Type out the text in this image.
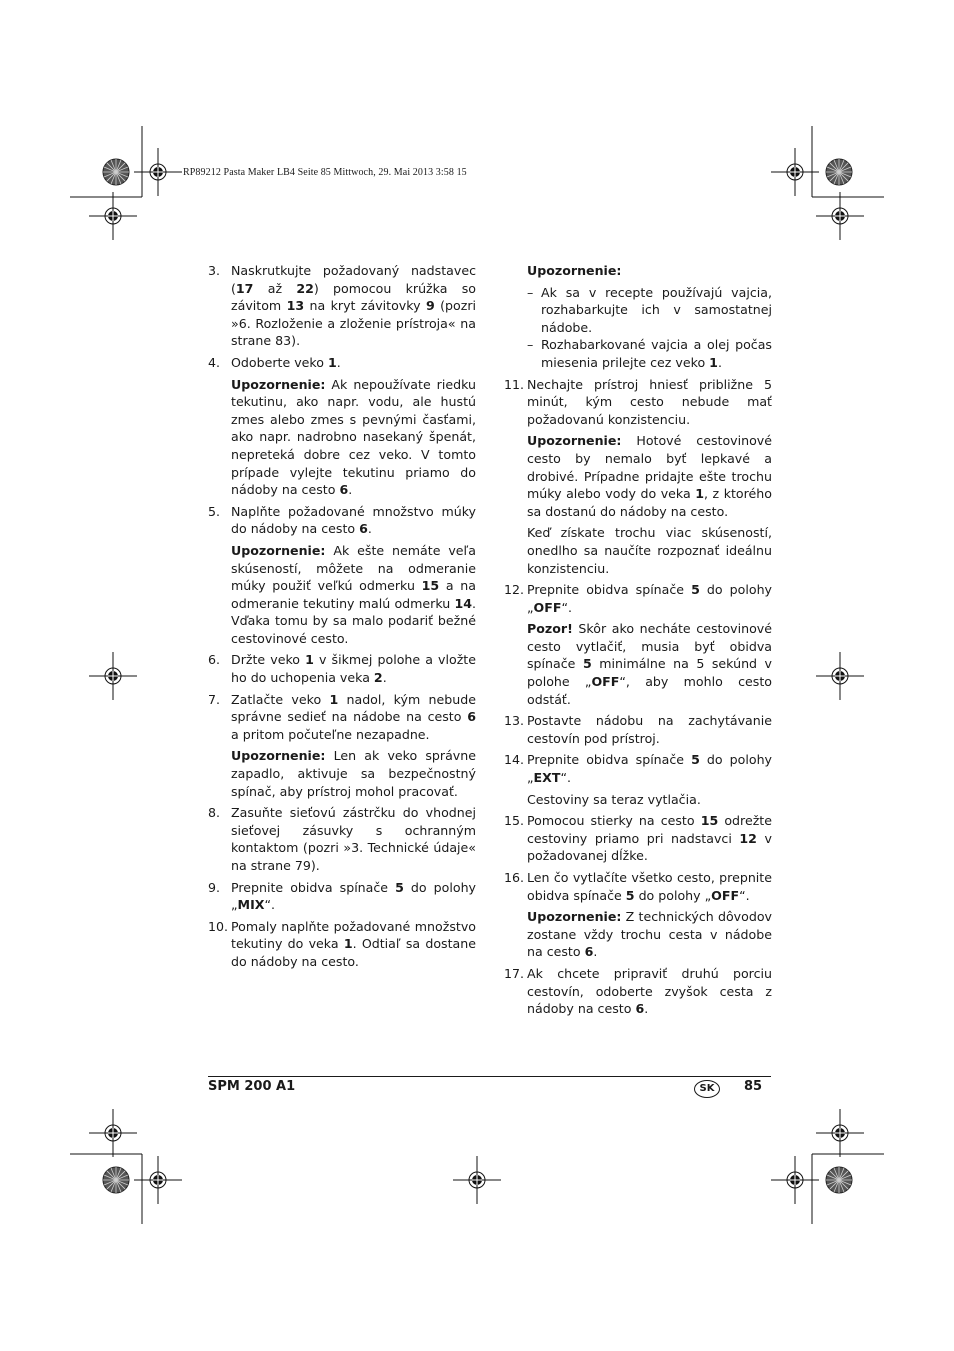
RP89212 Pasta Maker LB4 Seite 85 Mittwoch, 29. Mai 2013 3:58 15
3. Naskrutkujte požadovaný nadstavec (17 až 22) pomocou krúžka so závitom 13 na kryt závitovky 9 (pozri »6. Rozloženie a zloženie prístroja« na strane 83).
4. Odoberte veko 1.
Upozornenie: Ak nepoužívate riedku tekutinu, ako napr. vodu, ale hustú zmes alebo zmes s pevnými časťami, ako napr. nadrobno nasekaný špenát, nepreteká dobre cez veko. V tomto prípade vylejte tekutinu priamo do nádoby na cesto 6.
5. Naplňte požadované množstvo múky do nádoby na cesto 6.
Upozornenie: Ak ešte nemáte veľa skúseností, môžete na odmeranie múky použiť veľkú odmerku 15 a na odmeranie tekutiny malú odmerku 14. Vďaka tomu by sa malo podariť bežné cestovinové cesto.
6. Držte veko 1 v šikmej polohe a vložte ho do uchopenia veka 2.
7. Zatlačte veko 1 nadol, kým nebude správne sedieť na nádobe na cesto 6 a pritom počuteľne nezapadne.
Upozornenie: Len ak veko správne zapadlo, aktivuje sa bezpečnostný spínač, aby prístroj mohol pracovať.
8. Zasuňte sieťovú zástrčku do vhodnej sieťovej zásuvky s ochranným kontaktom (pozri »3. Technické údaje« na strane 79).
9. Prepnite obidva spínače 5 do polohy „MIX“.
10. Pomaly naplňte požadované množstvo tekutiny do veka 1. Odtiaľ sa dostane do nádoby na cesto.
Upozornenie:
– Ak sa v recepte používajú vajcia, rozhabarkujte ich v samostatnej nádobe.
– Rozhabarkované vajcia a olej počas miesenia prilejte cez veko 1.
11. Nechajte prístroj hniesť približne 5 minút, kým cesto nebude mať požadovanú konzistenciu.
Upozornenie: Hotové cestovinové cesto by nemalo byť lepkavé a drobivé. Prípadne pridajte ešte trochu múky alebo vody do veka 1, z ktorého sa dostanú do nádoby na cesto.
Keď získate trochu viac skúseností, onedlho sa naučíte rozpoznať ideálnu konzistenciu.
12. Prepnite obidva spínače 5 do polohy „OFF“.
Pozor! Skôr ako necháte cestovinové cesto vytlačiť, musia byť obidva spínače 5 minimálne na 5 sekúnd v polohe „OFF“, aby mohlo cesto odstáť.
13. Postavte nádobu na zachytávanie cestovín pod prístroj.
14. Prepnite obidva spínače 5 do polohy „EXT“.
Cestoviny sa teraz vytlačia.
15. Pomocou stierky na cesto 15 odrežte cestoviny priamo pri nadstavci 12 v požadovanej dĺžke.
16. Len čo vytlačíte všetko cesto, prepnite obidva spínače 5 do polohy „OFF“.
Upozornenie: Z technických dôvodov zostane vždy trochu cesta v nádobe na cesto 6.
17. Ak chcete pripraviť druhú porciu cestovín, odoberte zvyšok cesta z nádoby na cesto 6.
SPM 200 A1	SK	85
